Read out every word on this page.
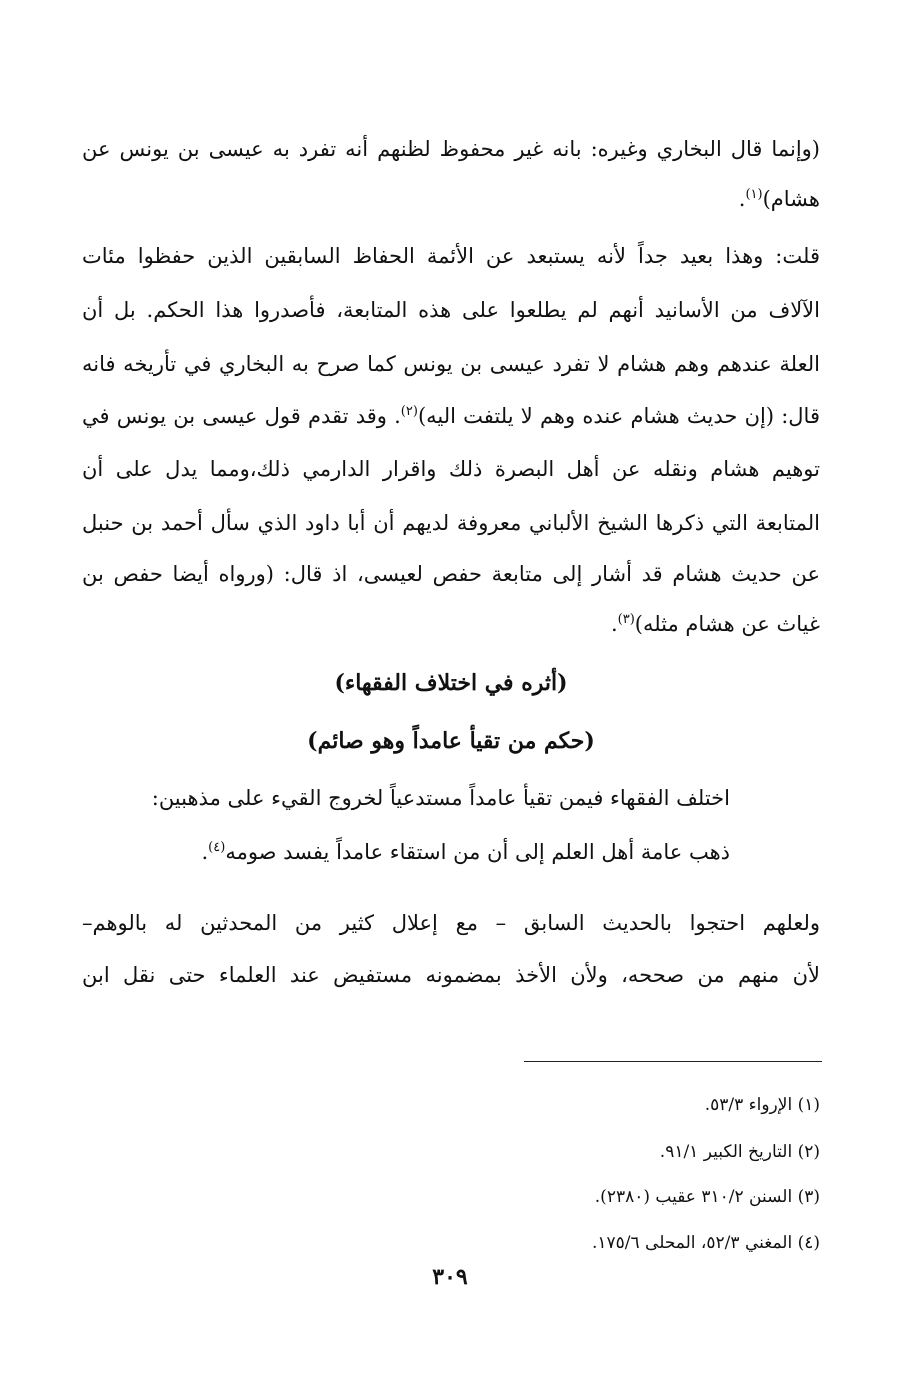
(وإنما قال البخاري وغيره: بانه غير محفوظ لظنهم أنه تفرد به عيسى بن يونس عن
هشام)$^{(١)}$.
قلت: وهذا بعيد جداً لأنه يستبعد عن الأئمة الحفاظ السابقين الذين حفظوا مئات
الآلاف من الأسانيد أنهم لم يطلعوا على هذه المتابعة، فأصدروا هذا الحكم. بل أن
العلة عندهم وهم هشام لا تفرد عيسى بن يونس كما صرح به البخاري في تأريخه فانه
قال: (إن حديث هشام عنده وهم لا يلتفت اليه)$^{(٢)}$. وقد تقدم قول عيسى بن يونس في
توهيم هشام ونقله عن أهل البصرة ذلك واقرار الدارمي ذلك،ومما يدل على أن
المتابعة التي ذكرها الشيخ الألباني معروفة لديهم أن أبا داود الذي سأل أحمد بن حنبل
عن حديث هشام قد أشار إلى متابعة حفص لعيسى، اذ قال: (ورواه أيضا حفص بن
غياث عن هشام مثله)$^{(٣)}$.
(أثره في اختلاف الفقهاء)
(حكم من تقيأ عامداً وهو صائم)
اختلف الفقهاء فيمن تقيأ عامداً مستدعياً لخروج القيء على مذهبين:
ذهب عامة أهل العلم إلى أن من استقاء عامداً يفسد صومه$^{(٤)}$.
ولعلهم احتجوا بالحديث السابق – مع إعلال كثير من المحدثين له بالوهم–
لأن منهم من صححه، ولأن الأخذ بمضمونه مستفيض عند العلماء حتى نقل ابن
(١) الإرواء ٥٣/٣.
(٢) التاريخ الكبير ٩١/١.
(٣) السنن ٣١٠/٢ عقيب (٢٣٨٠).
(٤) المغني ٥٢/٣، المحلى ١٧٥/٦.
٣٠٩
